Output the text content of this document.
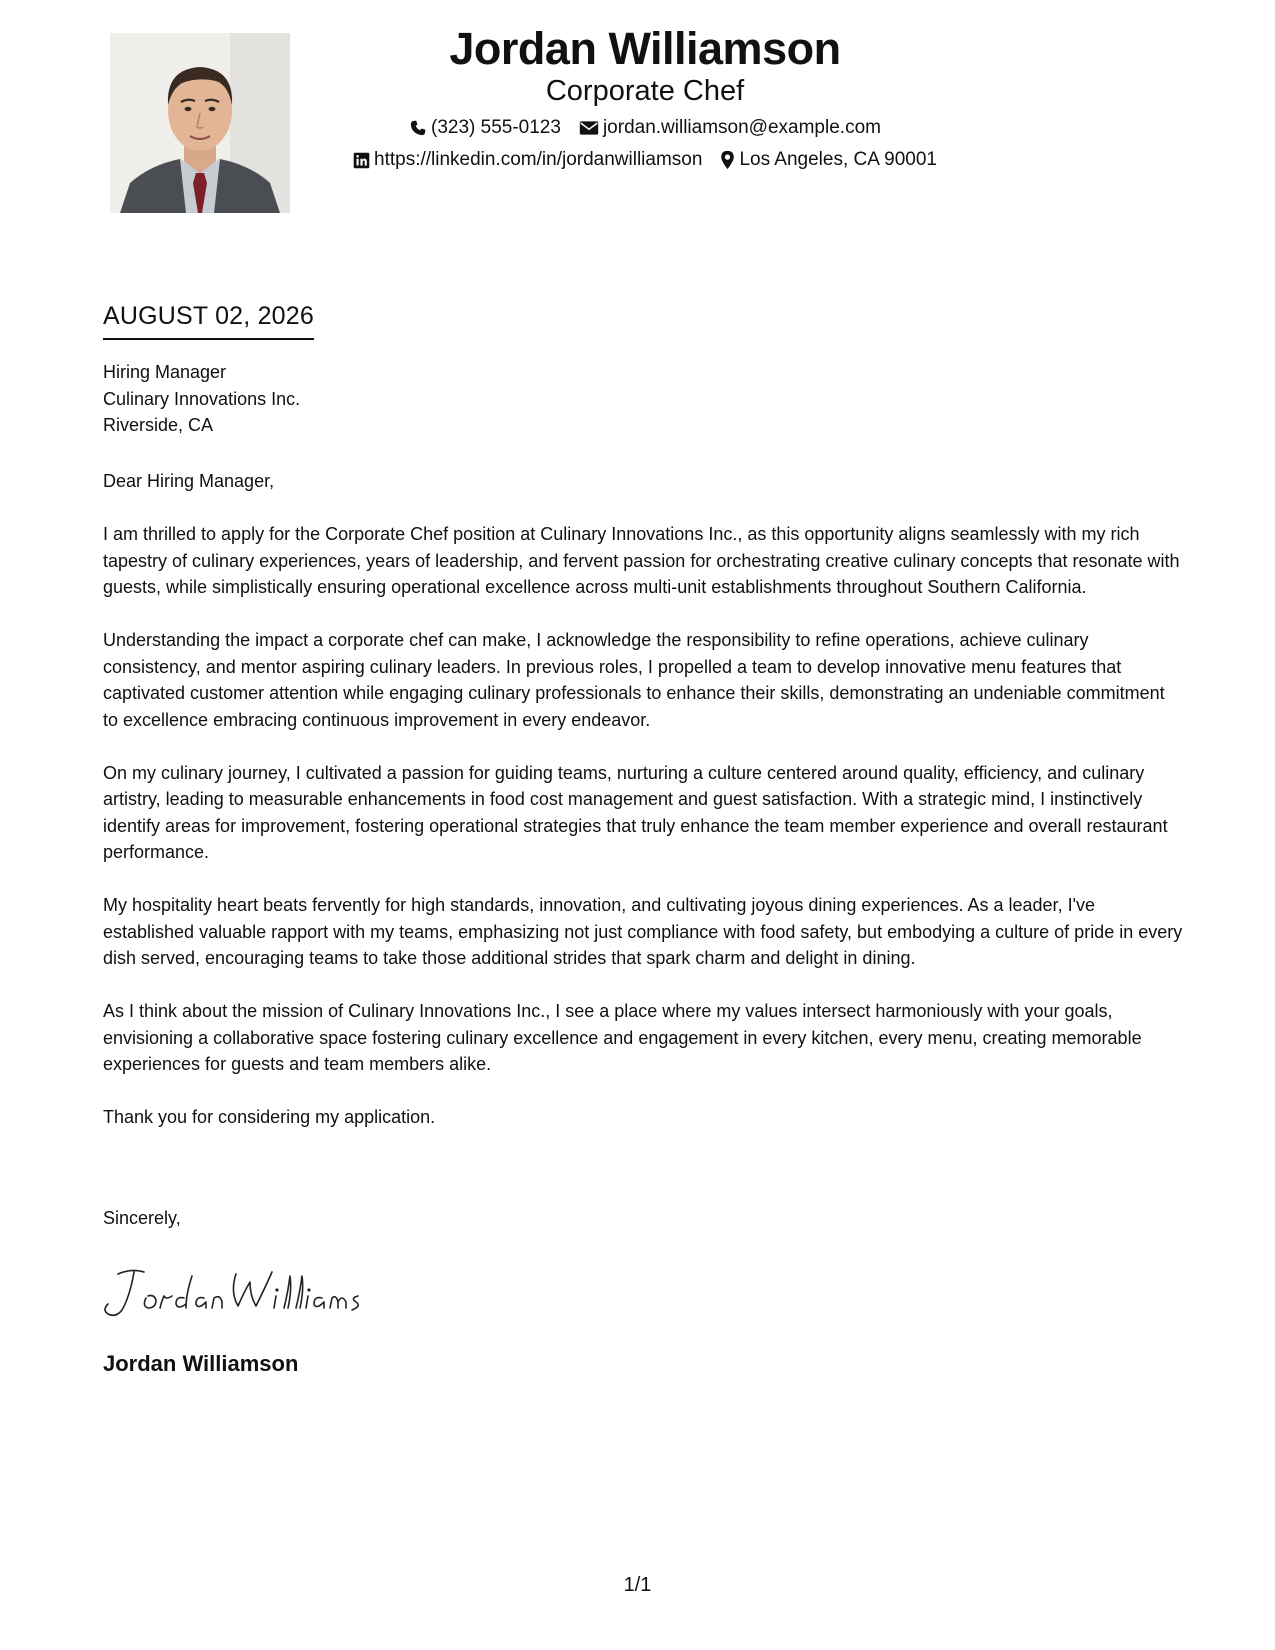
Jordan Williamson
Corporate Chef
(323) 555-0123 jordan.williamson@example.com
https://linkedin.com/in/jordanwilliamson Los Angeles, CA 90001
AUGUST 02, 2026
Hiring Manager
Culinary Innovations Inc.
Riverside, CA

Dear Hiring Manager,

I am thrilled to apply for the Corporate Chef position at Culinary Innovations Inc., as this opportunity aligns seamlessly with my rich tapestry of culinary experiences, years of leadership, and fervent passion for orchestrating creative culinary concepts that resonate with guests, while simplistically ensuring operational excellence across multi-unit establishments throughout Southern California.

Understanding the impact a corporate chef can make, I acknowledge the responsibility to refine operations, achieve culinary consistency, and mentor aspiring culinary leaders. In previous roles, I propelled a team to develop innovative menu features that captivated customer attention while engaging culinary professionals to enhance their skills, demonstrating an undeniable commitment to excellence embracing continuous improvement in every endeavor.

On my culinary journey, I cultivated a passion for guiding teams, nurturing a culture centered around quality, efficiency, and culinary artistry, leading to measurable enhancements in food cost management and guest satisfaction. With a strategic mind, I instinctively identify areas for improvement, fostering operational strategies that truly enhance the team member experience and overall restaurant performance.

My hospitality heart beats fervently for high standards, innovation, and cultivating joyous dining experiences. As a leader, I've established valuable rapport with my teams, emphasizing not just compliance with food safety, but embodying a culture of pride in every dish served, encouraging teams to take those additional strides that spark charm and delight in dining.

As I think about the mission of Culinary Innovations Inc., I see a place where my values intersect harmoniously with your goals, envisioning a collaborative space fostering culinary excellence and engagement in every kitchen, every menu, creating memorable experiences for guests and team members alike.

Thank you for considering my application.

Sincerely,
Jordan Williamson
1/1
